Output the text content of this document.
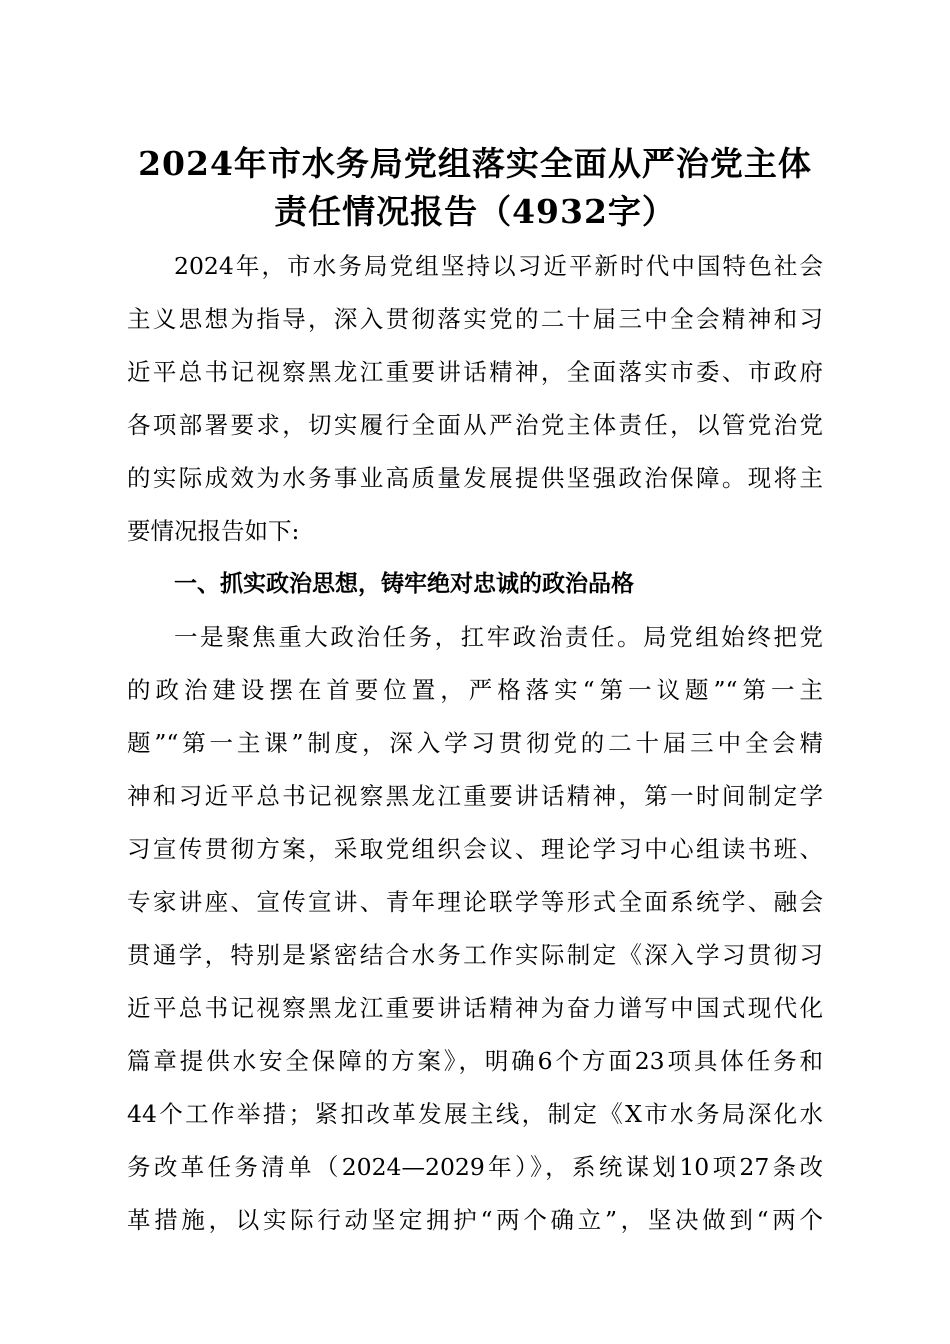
2024年市水务局党组落实全面从严治党主体
责任情况报告（4932字）
2024年，市水务局党组坚持以习近平新时代中国特色社会
主义思想为指导，深入贯彻落实党的二十届三中全会精神和习
近平总书记视察黑龙江重要讲话精神，全面落实市委、市政府
各项部署要求，切实履行全面从严治党主体责任，以管党治党
的实际成效为水务事业高质量发展提供坚强政治保障。现将主
要情况报告如下:
一、抓实政治思想，铸牢绝对忠诚的政治品格
一是聚焦重大政治任务，扛牢政治责任。局党组始终把党
的政治建设摆在首要位置，严格落实“第一议题”“第一主
题”“第一主课”制度，深入学习贯彻党的二十届三中全会精
神和习近平总书记视察黑龙江重要讲话精神，第一时间制定学
习宣传贯彻方案，采取党组织会议、理论学习中心组读书班、
专家讲座、宣传宣讲、青年理论联学等形式全面系统学、融会
贯通学，特别是紧密结合水务工作实际制定《深入学习贯彻习
近平总书记视察黑龙江重要讲话精神为奋力谱写中国式现代化
篇章提供水安全保障的方案》，明确6个方面23项具体任务和
44个工作举措；紧扣改革发展主线，制定《X市水务局深化水
务改革任务清单（2024—2029年）》，系统谋划10项27条改
革措施，以实际行动坚定拥护“两个确立”，坚决做到“两个
